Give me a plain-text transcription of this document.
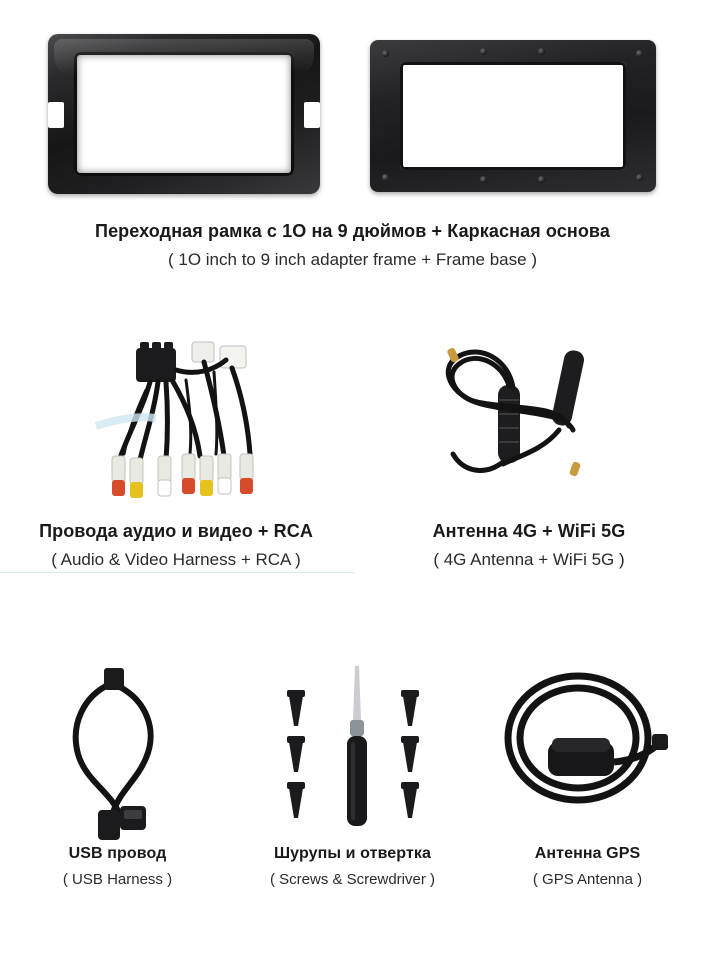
Переходная рамка с 1O на 9 дюймов + Каркасная основа
( 1O inch to 9 inch adapter frame + Frame base )
Провода аудио и видео + RCA
( Audio & Video Harness + RCA )
Антенна 4G + WiFi 5G
( 4G Antenna + WiFi 5G )
USB провод
( USB Harness )
Шурупы и отвертка
( Screws & Screwdriver )
Антенна GPS
( GPS Antenna )
